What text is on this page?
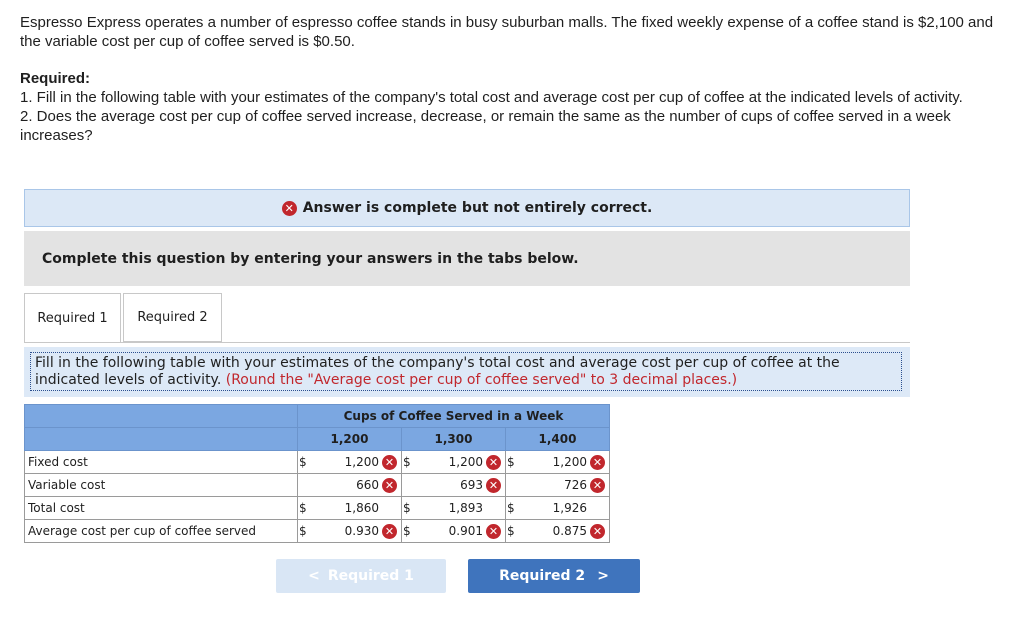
Espresso Express operates a number of espresso coffee stands in busy suburban malls. The fixed weekly expense of a coffee stand is $2,100 and the variable cost per cup of coffee served is $0.50.

Required:

1. Fill in the following table with your estimates of the company's total cost and average cost per cup of coffee at the indicated levels of activity.

2. Does the average cost per cup of coffee served increase, decrease, or remain the same as the number of cups of coffee served in a week increases?

✕ Answer is complete but not entirely correct.
Complete this question by entering your answers in the tabs below.
Required 1	Required 2
Fill in the following table with your estimates of the company's total cost and average cost per cup of coffee at the indicated levels of activity. (Round the "Average cost per cup of coffee served" to 3 decimal places.)
	Cups of Coffee Served in a Week					
	1,200		1,300		1,400	
Fixed cost	$	1,200 ✕	$	1,200 ✕	$	1,200 ✕
Variable cost		660 ✕		693 ✕		726 ✕
Total cost	$	1,860	$	1,893	$	1,926
Average cost per cup of coffee served	$	0.930 ✕	$	0.901 ✕	$	0.875 ✕
< Required 1	Required 2 >
